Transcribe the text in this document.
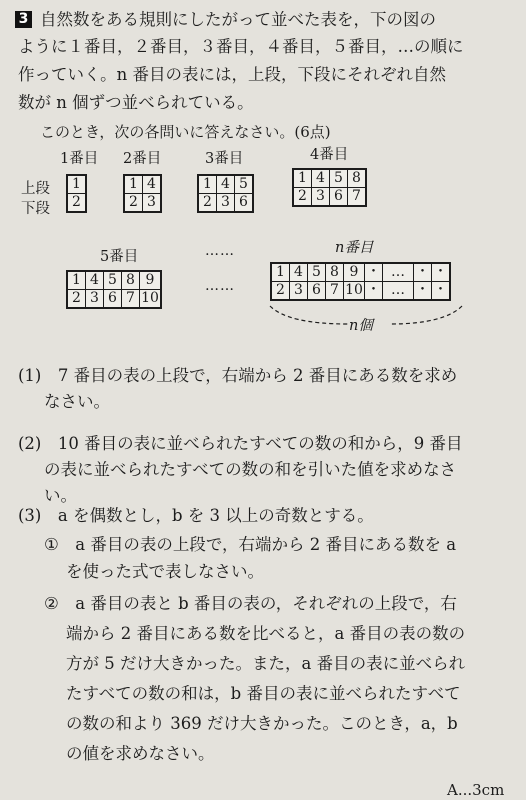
3 自然数をある規則にしたがって並べた表を，下の図の
ように１番目，２番目，３番目，４番目，５番目，…の順に
作っていく。n 番目の表には，上段，下段にそれぞれ自然
数が n 個ずつ並べられている。
このとき，次の各問いに答えなさい。(6点)
1番目 2番目	3番目	4番目
上段
下段
1
2
1	4
2	3
1	4	5
2	3	6
1	4	5	8
2	3	6	7
5番目	……	n番目
1	4	5	8	9
2	3	6	7	10
……
1	4	5	8	9	・	…	・	・
2	3	6	7	10	・	…	・	・
n個
(1)　7 番目の表の上段で，右端から 2 番目にある数を求め
なさい。
(2)　10 番目の表に並べられたすべての数の和から，9 番目
の表に並べられたすべての数の和を引いた値を求めなさ
い。
(3)　a を偶数とし，b を 3 以上の奇数とする。
①　a 番目の表の上段で，右端から 2 番目にある数を a
を使った式で表しなさい。
②　a 番目の表と b 番目の表の，それぞれの上段で，右
端から 2 番目にある数を比べると，a 番目の表の数の
方が 5 だけ大きかった。また，a 番目の表に並べられ
たすべての数の和は，b 番目の表に並べられたすべて
の数の和より 369 だけ大きかった。このとき，a，b
の値を求めなさい。
A...3cm
